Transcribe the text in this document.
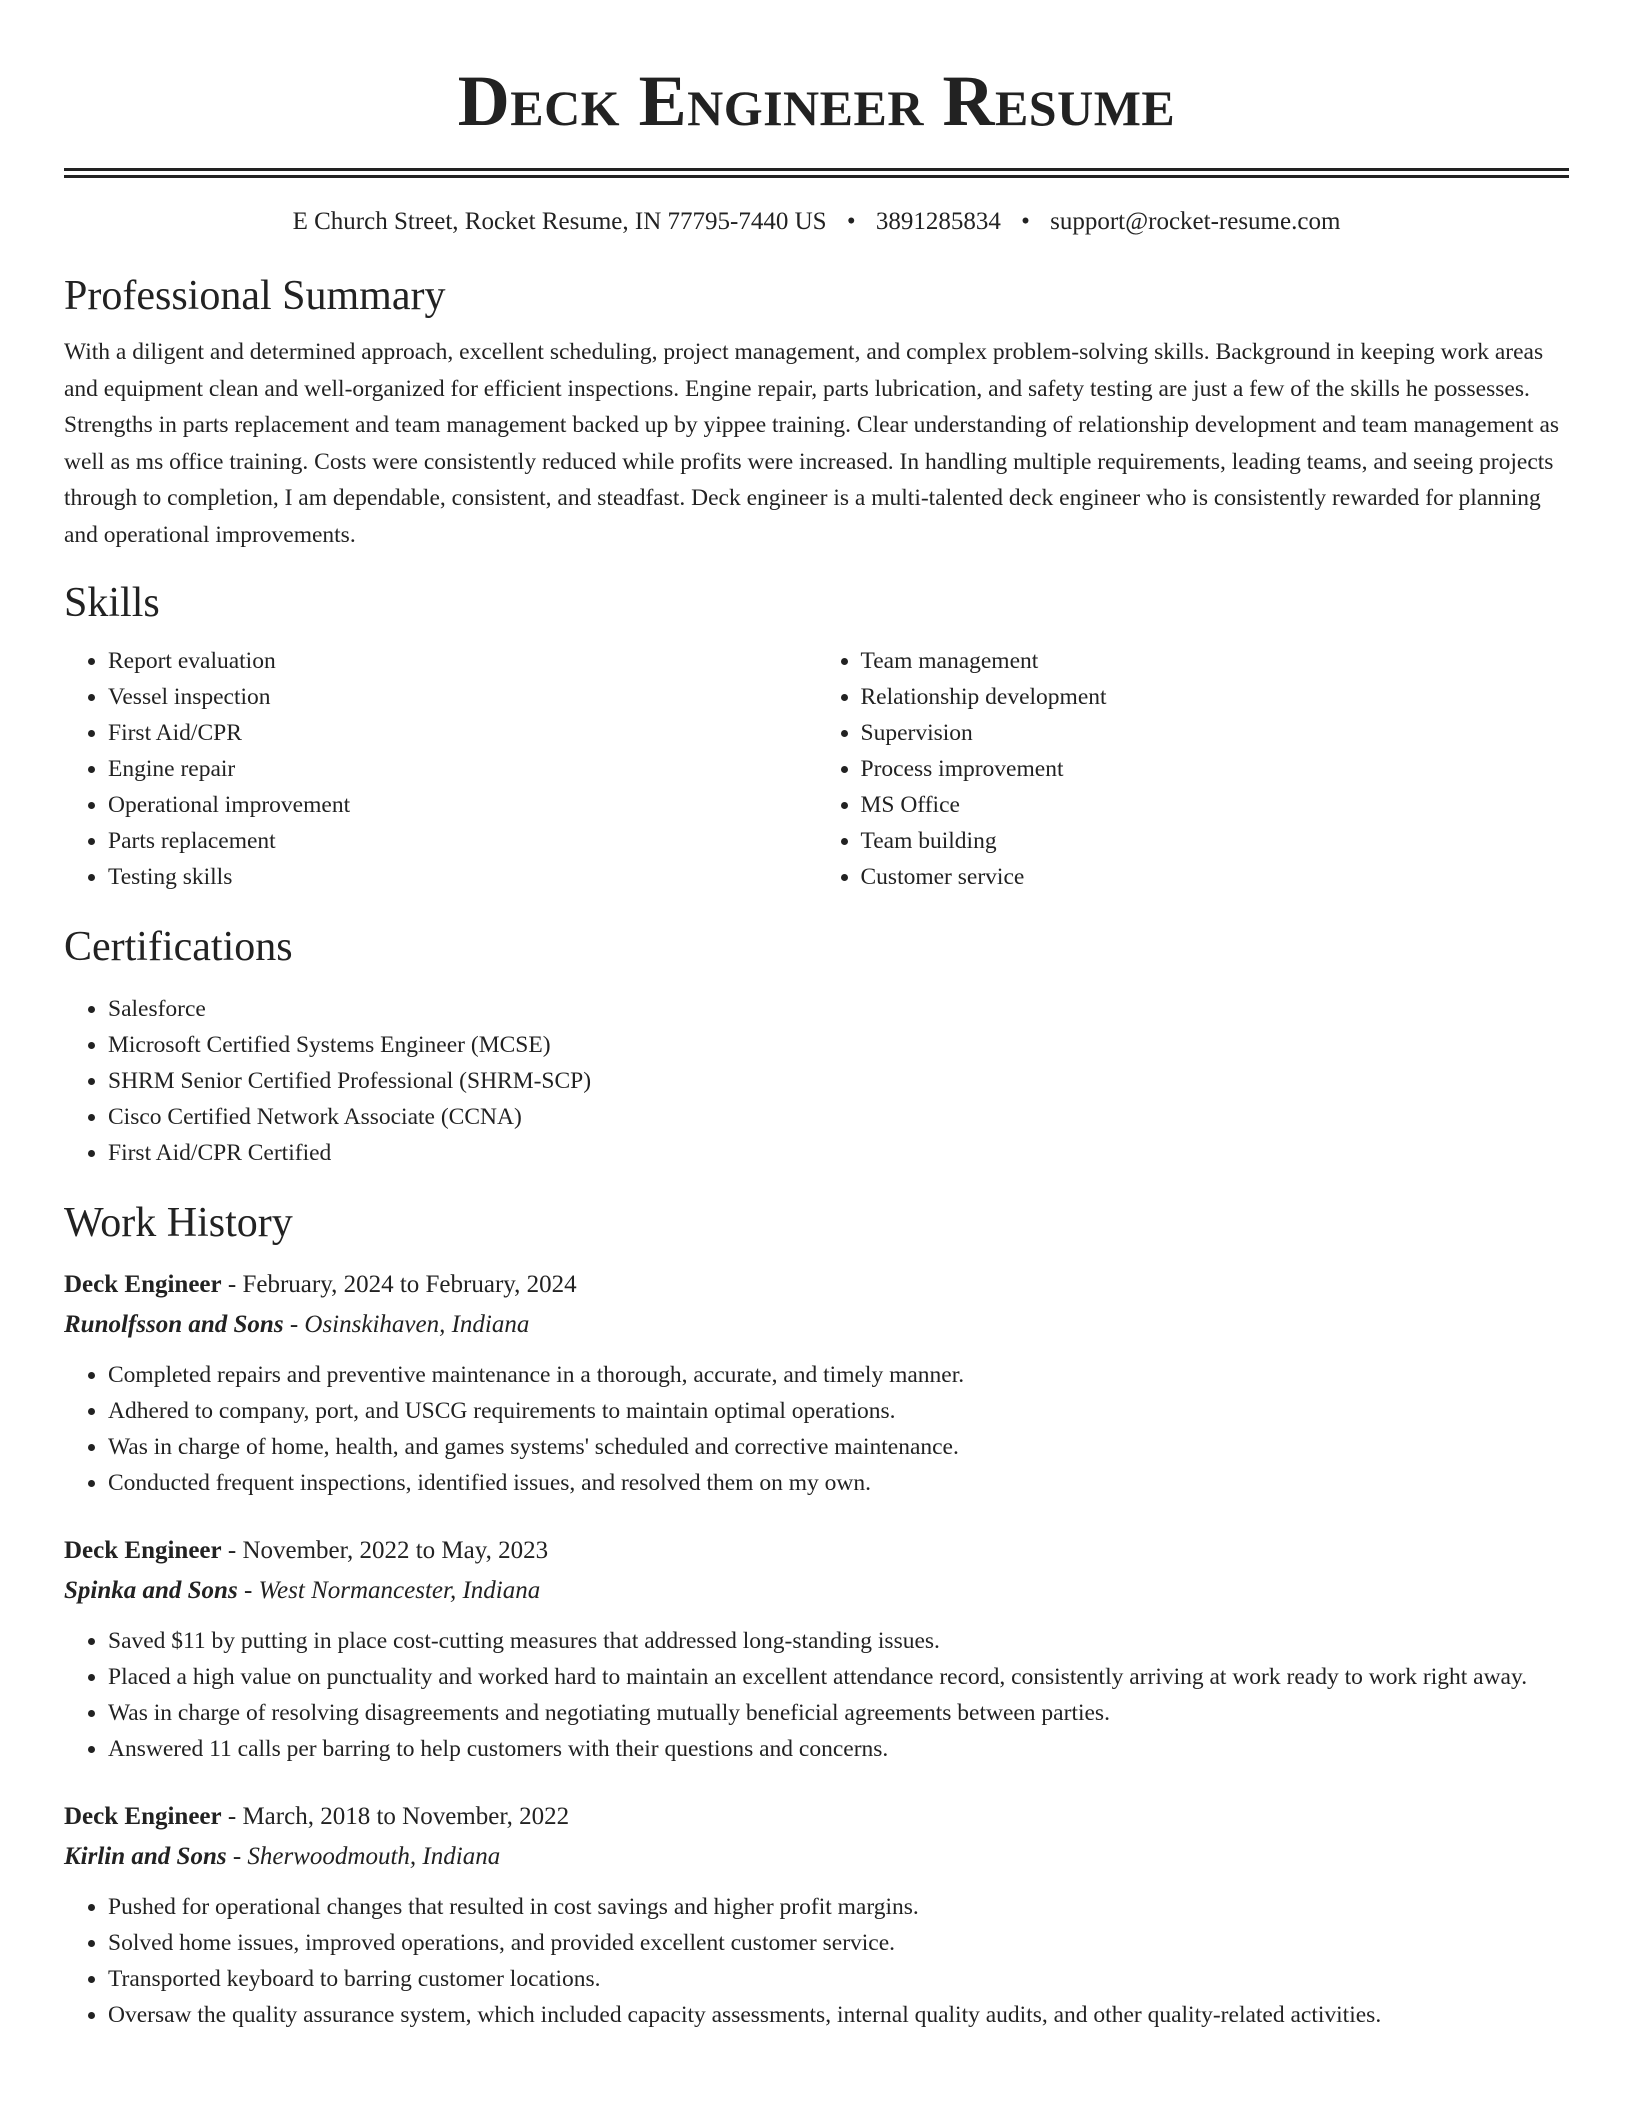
Deck Engineer Resume
E Church Street, Rocket Resume, IN 77795-7440 US • 3891285834 • support@rocket-resume.com
Professional Summary
With a diligent and determined approach, excellent scheduling, project management, and complex problem-solving skills. Background in keeping work areas and equipment clean and well-organized for efficient inspections. Engine repair, parts lubrication, and safety testing are just a few of the skills he possesses. Strengths in parts replacement and team management backed up by yippee training. Clear understanding of relationship development and team management as well as ms office training. Costs were consistently reduced while profits were increased. In handling multiple requirements, leading teams, and seeing projects through to completion, I am dependable, consistent, and steadfast. Deck engineer is a multi-talented deck engineer who is consistently rewarded for planning and operational improvements.
Skills
• Report evaluation
• Vessel inspection
• First Aid/CPR
• Engine repair
• Operational improvement
• Parts replacement
• Testing skills
• Team management
• Relationship development
• Supervision
• Process improvement
• MS Office
• Team building
• Customer service
Certifications
• Salesforce
• Microsoft Certified Systems Engineer (MCSE)
• SHRM Senior Certified Professional (SHRM-SCP)
• Cisco Certified Network Associate (CCNA)
• First Aid/CPR Certified
Work History
Deck Engineer - February, 2024 to February, 2024
Runolfsson and Sons - Osinskihaven, Indiana
• Completed repairs and preventive maintenance in a thorough, accurate, and timely manner.
• Adhered to company, port, and USCG requirements to maintain optimal operations.
• Was in charge of home, health, and games systems' scheduled and corrective maintenance.
• Conducted frequent inspections, identified issues, and resolved them on my own.
Deck Engineer - November, 2022 to May, 2023
Spinka and Sons - West Normancester, Indiana
• Saved $11 by putting in place cost-cutting measures that addressed long-standing issues.
• Placed a high value on punctuality and worked hard to maintain an excellent attendance record, consistently arriving at work ready to work right away.
• Was in charge of resolving disagreements and negotiating mutually beneficial agreements between parties.
• Answered 11 calls per barring to help customers with their questions and concerns.
Deck Engineer - March, 2018 to November, 2022
Kirlin and Sons - Sherwoodmouth, Indiana
• Pushed for operational changes that resulted in cost savings and higher profit margins.
• Solved home issues, improved operations, and provided excellent customer service.
• Transported keyboard to barring customer locations.
• Oversaw the quality assurance system, which included capacity assessments, internal quality audits, and other quality-related activities.
